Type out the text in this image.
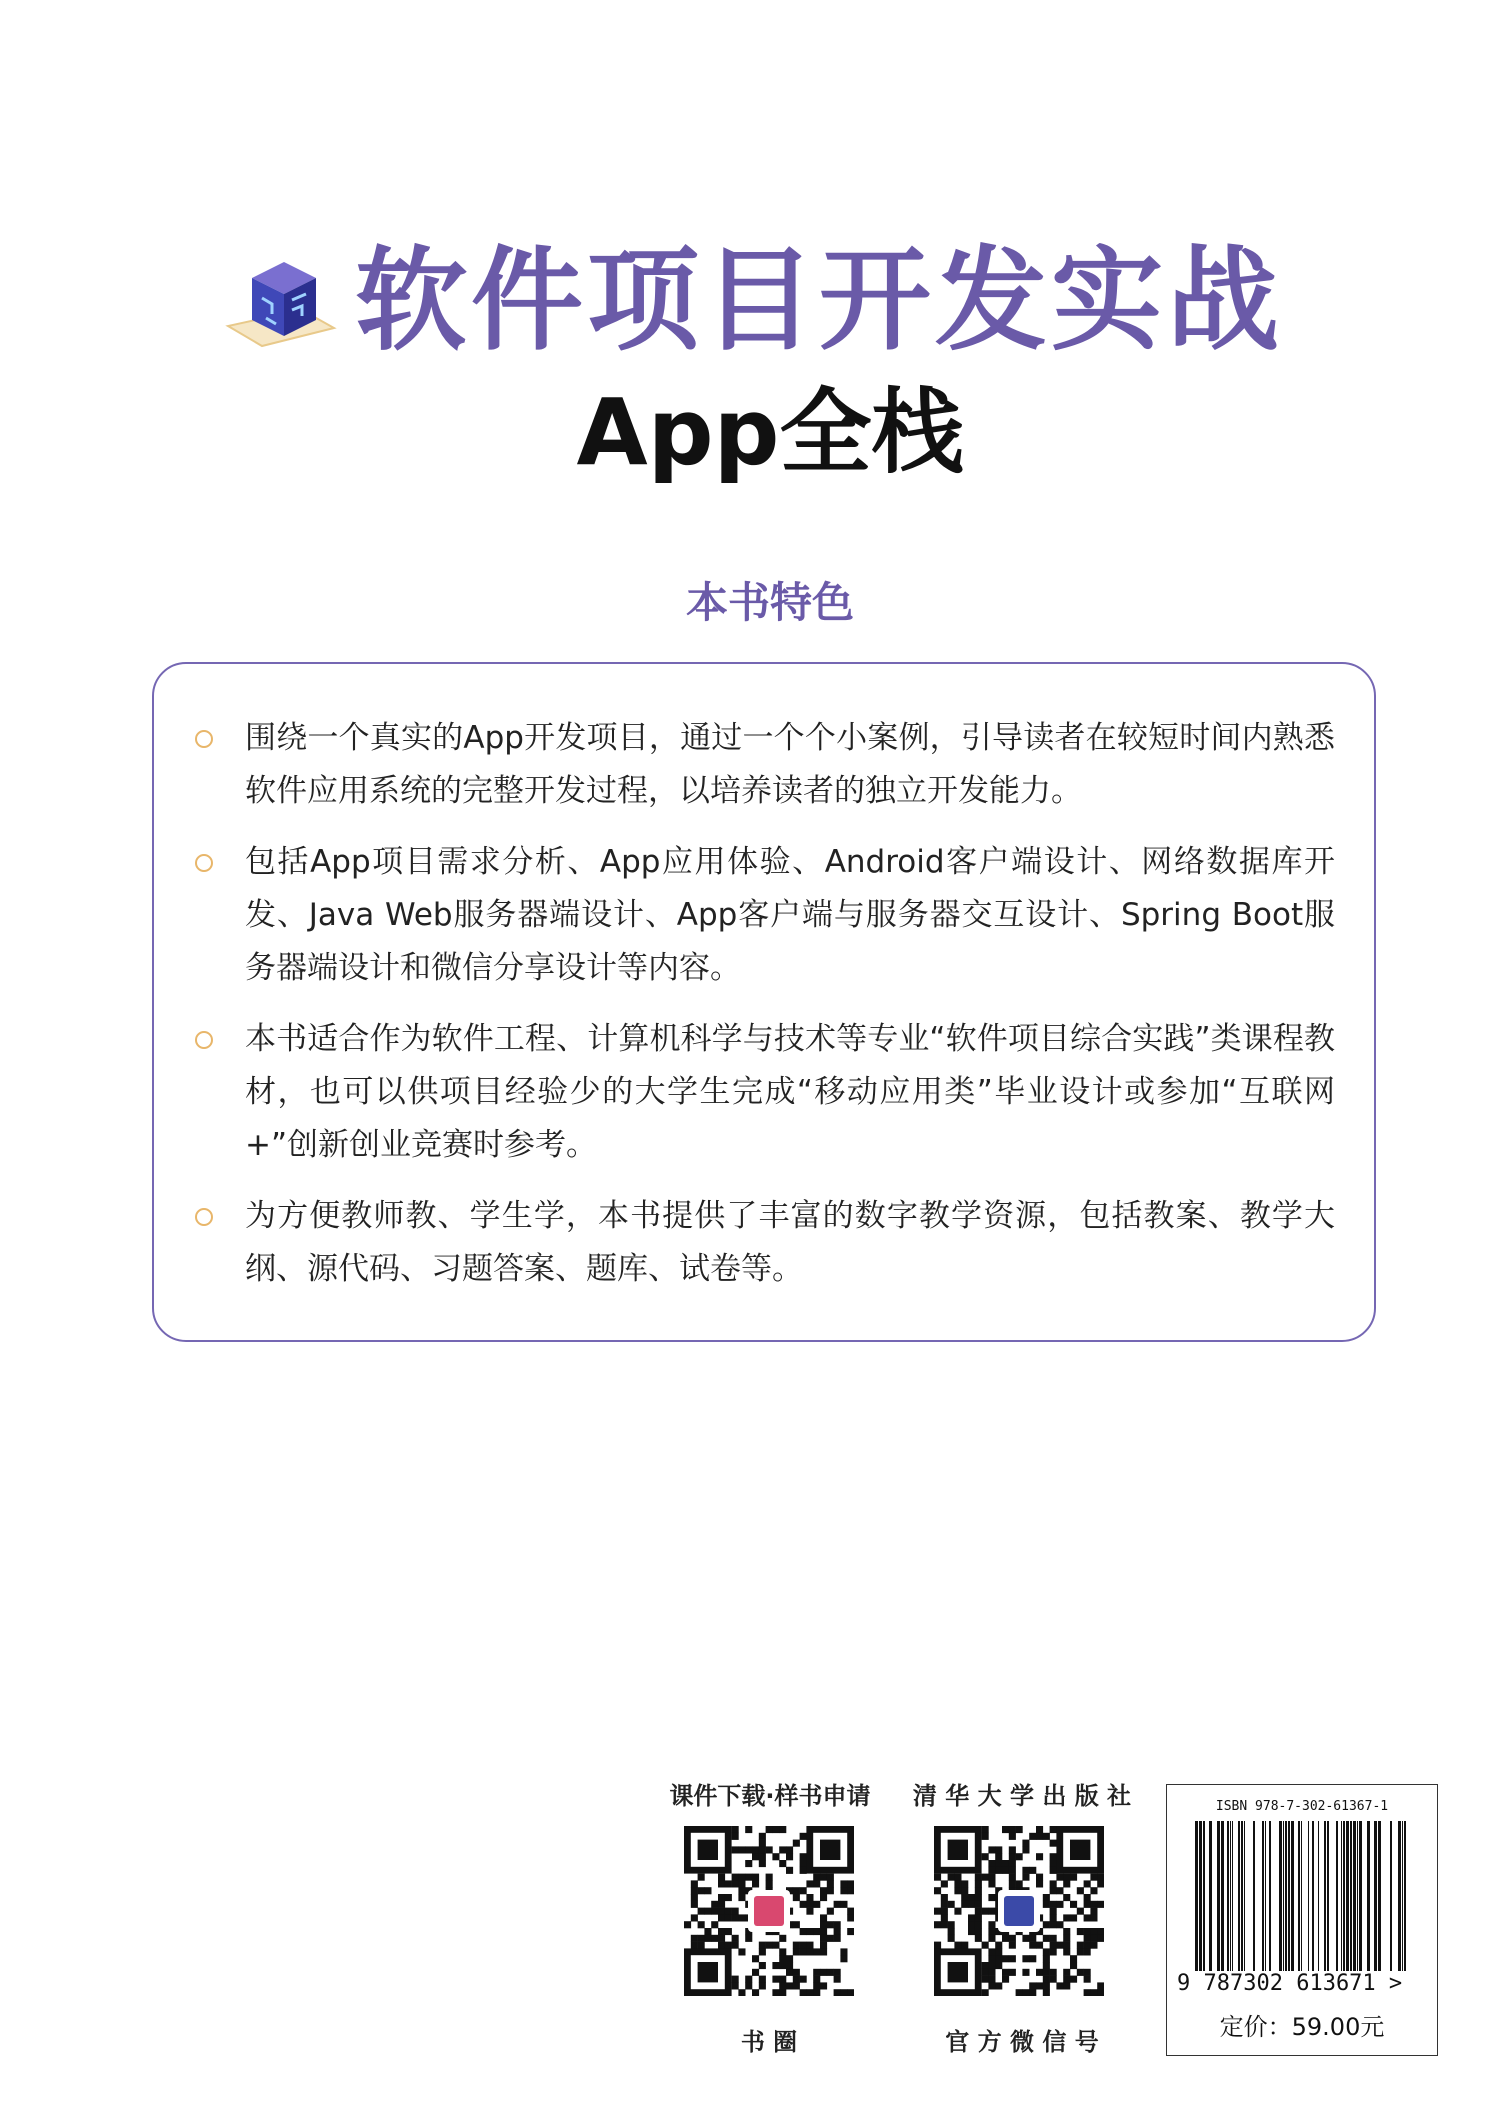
软件项目开发实战
App全栈
本书特色
围绕一个真实的App开发项目，通过一个个小案例，引导读者在较短时间内熟悉软件应用系统的完整开发过程，以培养读者的独立开发能力。
包括App项目需求分析、App应用体验、Android客户端设计、网络数据库开发、Java Web服务器端设计、App客户端与服务器交互设计、Spring Boot服务器端设计和微信分享设计等内容。
本书适合作为软件工程、计算机科学与技术等专业“软件项目综合实践”类课程教材，也可以供项目经验少的大学生完成“移动应用类”毕业设计或参加“互联网+”创新创业竞赛时参考。
为方便教师教、学生学，本书提供了丰富的数字教学资源，包括教案、教学大纲、源代码、习题答案、题库、试卷等。
课件下载·样书申请
书 圈
清 华 大 学 出 版 社
官 方 微 信 号
ISBN 978-7-302-61367-1
9 787302 613671 >
定价：59.00元
